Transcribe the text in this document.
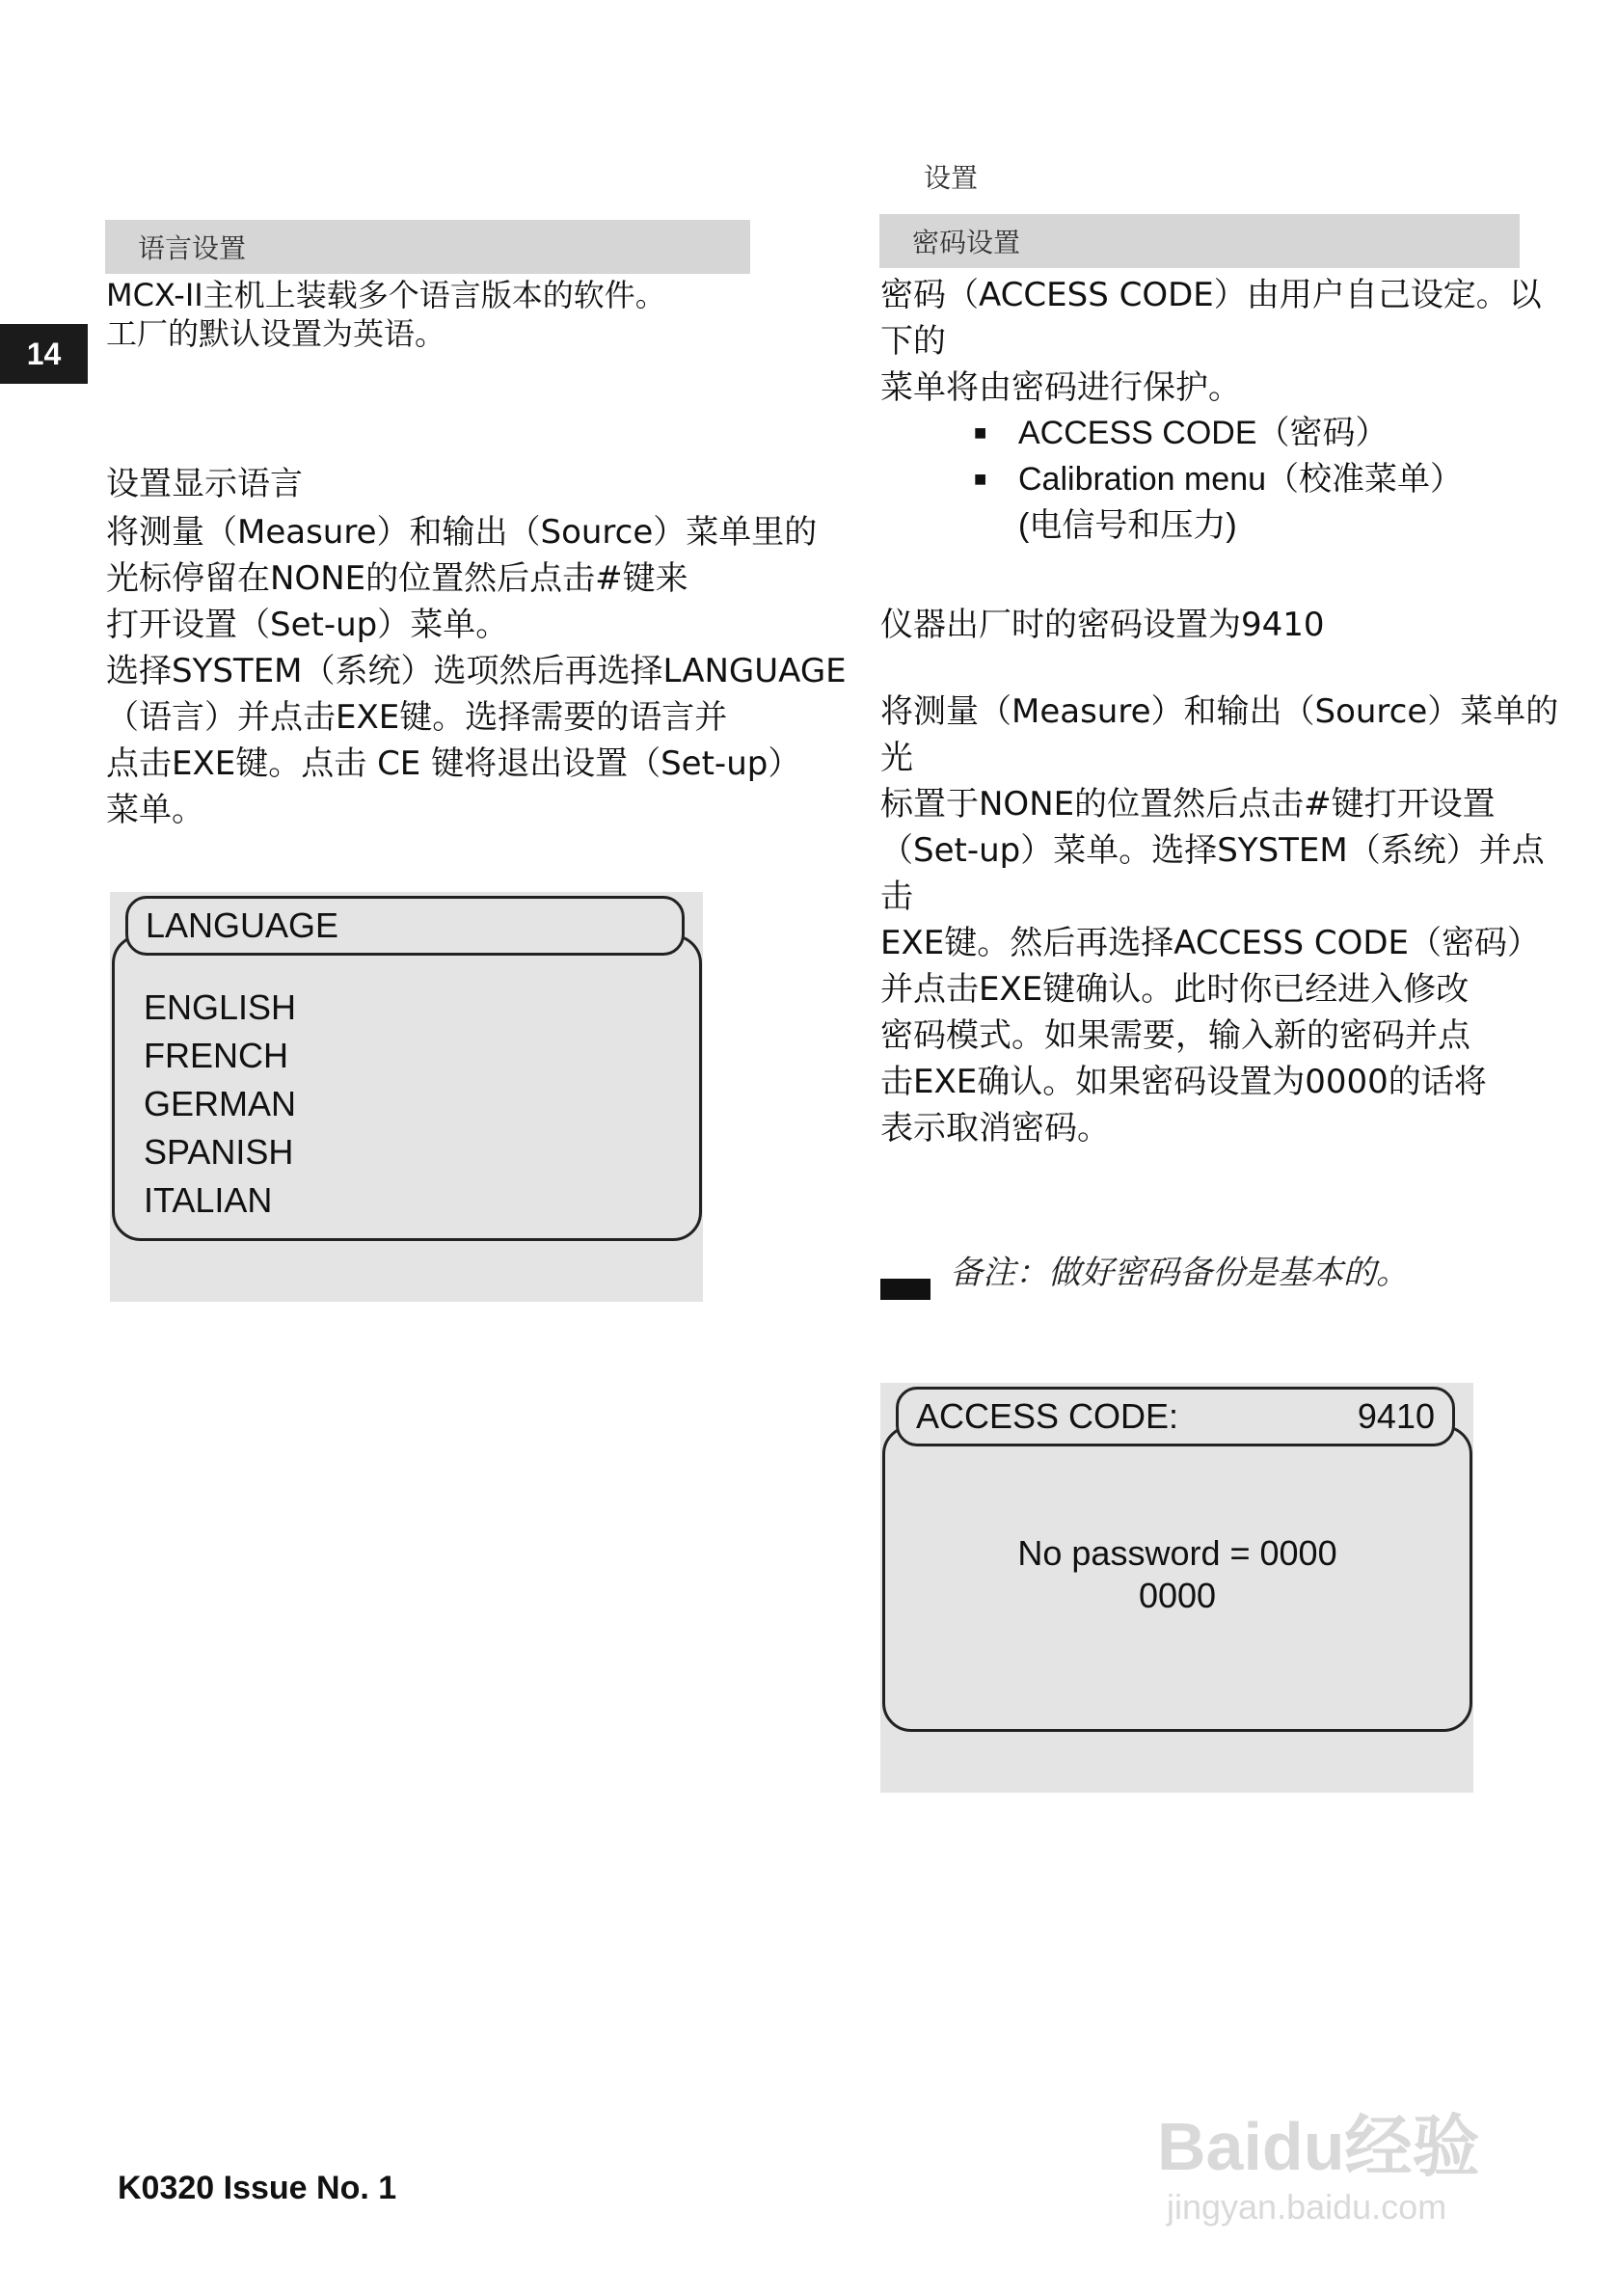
14
设置
语言设置

MCX-II主机上装载多个语言版本的软件。

工厂的默认设置为英语。

设置显示语言

将测量（Measure）和输出（Source）菜单里的

光标停留在NONE的位置然后点击#键来

打开设置（Set-up）菜单。

选择SYSTEM（系统）选项然后再选择LANGUAGE

（语言）并点击EXE键。选择需要的语言并

点击EXE键。点击 CE 键将退出设置（Set-up）

菜单。

ENGLISH
FRENCH
GERMAN
SPANISH
ITALIAN
LANGUAGE
密码设置

密码（ACCESS CODE）由用户自己设定。以下的

菜单将由密码进行保护。

■ ACCESS CODE（密码）
■ Calibration menu（校准菜单）
(电信号和压力)
仪器出厂时的密码设置为9410

将测量（Measure）和输出（Source）菜单的光

标置于NONE的位置然后点击#键打开设置

（Set-up）菜单。选择SYSTEM（系统）并点击

EXE键。然后再选择ACCESS CODE（密码）

并点击EXE键确认。此时你已经进入修改

密码模式。如果需要，输入新的密码并点

击EXE确认。如果密码设置为0000的话将

表示取消密码。

备注：做好密码备份是基本的。
No password = 0000
0000
ACCESS CODE:	9410
K0320 Issue No. 1
Baidu经验
jingyan.baidu.com
